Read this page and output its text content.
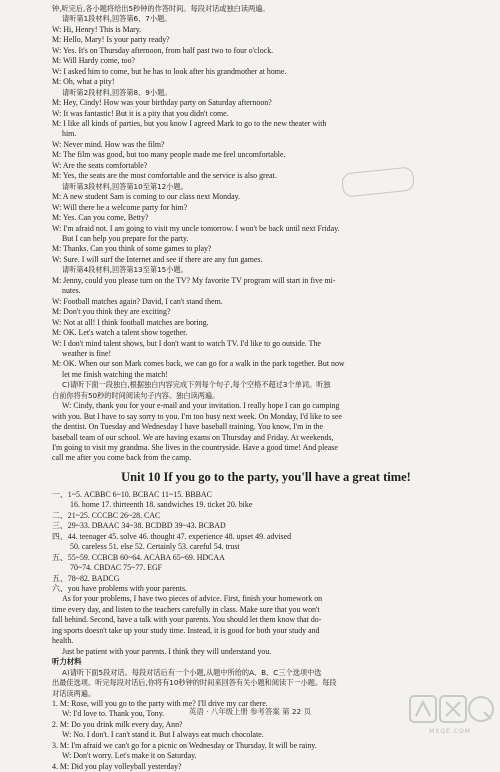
钟,听完后,各小题将给出5秒钟的作答时间。每段对话或独白读两遍。
请听第1段材料,回答第6、7小题。
W: Hi, Henry! This is Mary.
M: Hello, Mary! Is your party ready?
W: Yes. It's on Thursday afternoon, from half past two to four o'clock.
M: Will Hardy come, too?
W: I asked him to come, but he has to look after his grandmother at home.
M: Oh, what a pity!
请听第2段材料,回答第8、9小题。
M: Hey, Cindy! How was your birthday party on Saturday afternoon?
W: It was fantastic! But it is a pity that you didn't come.
M: I like all kinds of parties, but you know I agreed Mark to go to the new theater with
him.
W: Never mind. How was the film?
M: The film was good, but too many people made me feel uncomfortable.
W: Are the seats comfortable?
M: Yes, the seats are the most comfortable and the service is also great.
请听第3段材料,回答第10至第12小题。
M: A new student Sam is coming to our class next Monday.
W: Will there be a welcome party for him?
M: Yes. Can you come, Betty?
W: I'm afraid not. I am going to visit my uncle tomorrow. I won't be back until next Friday.
But I can help you prepare for the party.
M: Thanks. Can you think of some games to play?
W: Sure. I will surf the Internet and see if there are any fun games.
请听第4段材料,回答第13至第15小题。
M: Jenny, could you please turn on the TV? My favorite TV program will start in five mi-
nutes.
W: Football matches again? David, I can't stand them.
M: Don't you think they are exciting?
W: Not at all! I think football matches are boring.
M: OK. Let's watch a talent show together.
W: I don't mind talent shows, but I don't want to watch TV. I'd like to go outside. The
weather is fine!
M: OK. When our son Mark comes back, we can go for a walk in the park together. But now
let me finish watching the match!
C)请听下面一段独白,根据独白内容完成下列每个句子,每个空格不超过3个单词。听独
白前你将有50秒的时间阅读句子内容。独白读两遍。
W: Cindy, thank you for your e-mail and your invitation. I really hope I can go camping
with you. But I have to say sorry to you. I'm too busy next week. On Monday, I'd like to see
the dentist. On Tuesday and Wednesday I have baseball training. You know, I'm in the
baseball team of our school. We are having exams on Thursday and Friday. At weekends,
I'm going to visit my grandma. She lives in the countryside. Have a good time! And please
call me after you come back from the camp.
Unit 10 If you go to the party, you'll have a great time!
一、1~5. ACBBC 6~10. BCBAC 11~15. BBBAC
16. home 17. thirteenth 18. sandwiches 19. ticket 20. bike
二、21~25. CCCBC 26~28. CAC
三、29~33. DBAAC 34~38. BCDBD 39~43. BCBAD
四、44. teenager 45. solve 46. thought 47. experience 48. upset 49. advised
50. careless 51. else 52. Certainly 53. careful 54. trust
五、55~59. CCBCB 60~64. ACABA 65~69. HDCAA
70~74. CBDAC 75~77. EGF
五、78~82. BADCG
六、you have problems with your parents.
As for your problems, I have two pieces of advice. First, finish your homework on
time every day, and listen to the teachers carefully in class. Make sure that you won't
fall behind. Second, have a talk with your parents. You should let them know that do-
ing sports doesn't take up your study time. Instead, it is good for both your study and
health.
Just be patient with your parents. I think they will understand you.
听力材料
A)请听下面5段对话。每段对话后有一个小题,从题中所给的A、B、C三个选项中选
出最佳选项。听完每段对话后,你将有10秒钟的时间来回答有关小题和阅读下一小题。每段
对话读两遍。
1. M: Rose, will you go to the party with me? I'll drive my car there.
W: I'd love to. Thank you, Tony.
2. M: Do you drink milk every day, Ann?
W: No. I don't. I can't stand it. But I always eat much chocolate.
3. M: I'm afraid we can't go for a picnic on Wednesday or Thursday. It will be rainy.
W: Don't worry. Let's make it on Saturday.
4. M: Did you play volleyball yesterday?
英语 · 八年级上册 参考答案 第 22 页
MXQE.COM
